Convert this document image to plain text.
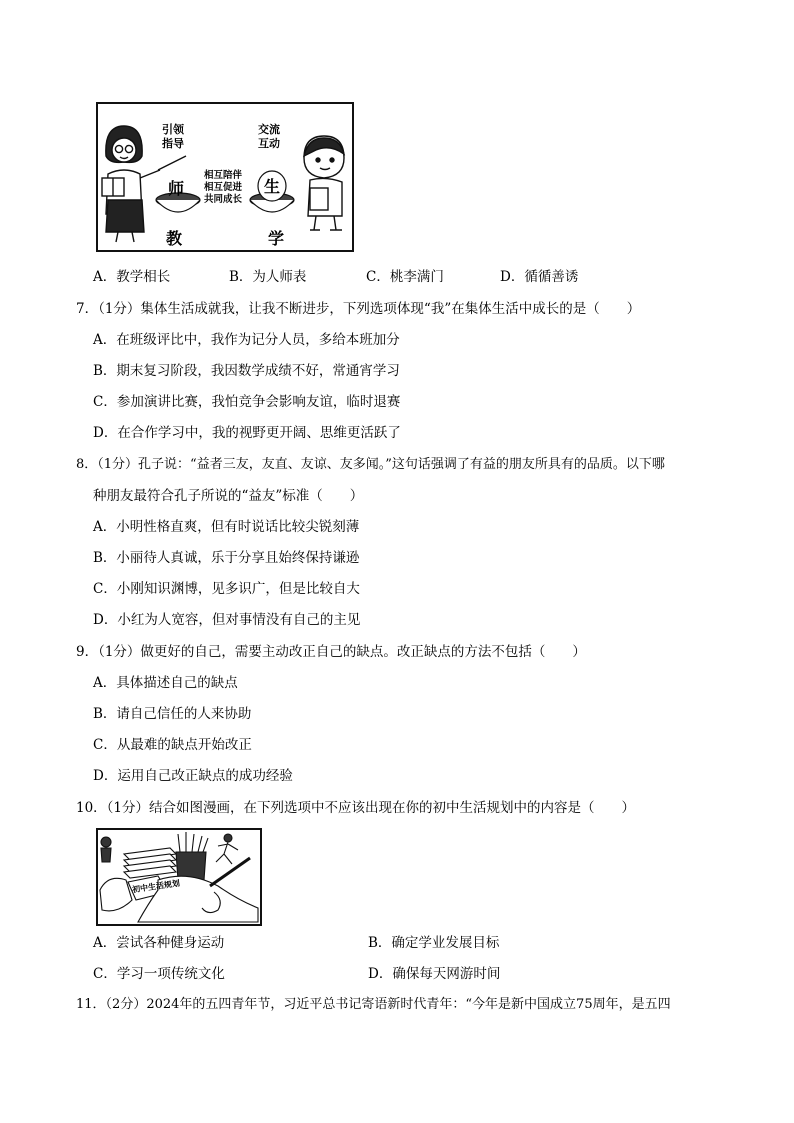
引领
指导
交流
互动
相互陪伴
相互促进
共同成长
师	生
教	学
A．教学相长	B．为人师表	C．桃李满门	D．循循善诱
7．（1分）集体生活成就我，让我不断进步，下列选项体现“我”在集体生活中成长的是（　　）
A．在班级评比中，我作为记分人员，多给本班加分
B．期末复习阶段，我因数学成绩不好，常通宵学习
C．参加演讲比赛，我怕竞争会影响友谊，临时退赛
D．在合作学习中，我的视野更开阔、思维更活跃了
8．（1分）孔子说：“益者三友，友直、友谅、友多闻。”这句话强调了有益的朋友所具有的品质。以下哪
种朋友最符合孔子所说的“益友”标准（　　）
A．小明性格直爽，但有时说话比较尖锐刻薄
B．小丽待人真诚，乐于分享且始终保持谦逊
C．小刚知识渊博，见多识广，但是比较自大
D．小红为人宽容，但对事情没有自己的主见
9．（1分）做更好的自己，需要主动改正自己的缺点。改正缺点的方法不包括（　　）
A．具体描述自己的缺点
B．请自己信任的人来协助
C．从最难的缺点开始改正
D．运用自己改正缺点的成功经验
10．（1分）结合如图漫画，在下列选项中不应该出现在你的初中生活规划中的内容是（　　）
初中生活规划
A．尝试各种健身运动	B．确定学业发展目标
C．学习一项传统文化	D．确保每天网游时间
11．（2分）2024年的五四青年节，习近平总书记寄语新时代青年：“今年是新中国成立75周年，是五四
